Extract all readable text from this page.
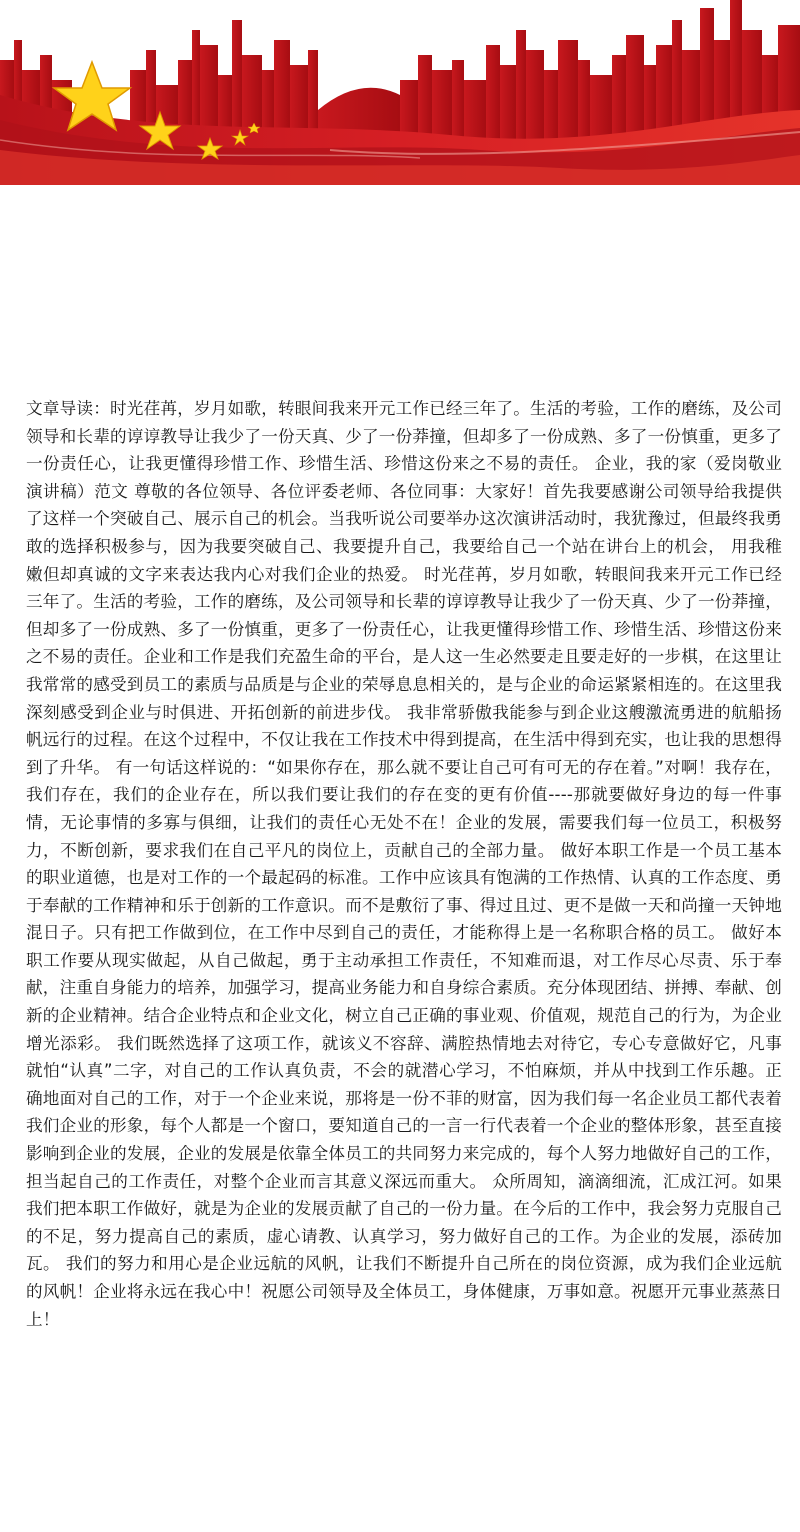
文章导读：时光荏苒，岁月如歌，转眼间我来开元工作已经三年了。生活的考验，工作的磨练，及公司领导和长辈的谆谆教导让我少了一份天真、少了一份莽撞，但却多了一份成熟、多了一份慎重，更多了一份责任心，让我更懂得珍惜工作、珍惜生活、珍惜这份来之不易的责任。 企业，我的家（爱岗敬业演讲稿）范文 尊敬的各位领导、各位评委老师、各位同事：大家好！首先我要感谢公司领导给我提供了这样一个突破自己、展示自己的机会。当我听说公司要举办这次演讲活动时，我犹豫过，但最终我勇敢的选择积极参与，因为我要突破自己、我要提升自己，我要给自己一个站在讲台上的机会， 用我稚嫩但却真诚的文字来表达我内心对我们企业的热爱。 时光荏苒，岁月如歌，转眼间我来开元工作已经三年了。生活的考验，工作的磨练，及公司领导和长辈的谆谆教导让我少了一份天真、少了一份莽撞，但却多了一份成熟、多了一份慎重，更多了一份责任心，让我更懂得珍惜工作、珍惜生活、珍惜这份来之不易的责任。企业和工作是我们充盈生命的平台，是人这一生必然要走且要走好的一步棋，在这里让我常常的感受到员工的素质与品质是与企业的荣辱息息相关的，是与企业的命运紧紧相连的。在这里我深刻感受到企业与时俱进、开拓创新的前进步伐。 我非常骄傲我能参与到企业这艘激流勇进的航船扬帆远行的过程。在这个过程中，不仅让我在工作技术中得到提高，在生活中得到充实，也让我的思想得到了升华。 有一句话这样说的：“如果你存在，那么就不要让自己可有可无的存在着。”对啊！我存在，我们存在，我们的企业存在，所以我们要让我们的存在变的更有价值----那就要做好身边的每一件事情，无论事情的多寡与俱细，让我们的责任心无处不在！企业的发展，需要我们每一位员工，积极努力，不断创新，要求我们在自己平凡的岗位上，贡献自己的全部力量。 做好本职工作是一个员工基本的职业道德，也是对工作的一个最起码的标准。工作中应该具有饱满的工作热情、认真的工作态度、勇于奉献的工作精神和乐于创新的工作意识。而不是敷衍了事、得过且过、更不是做一天和尚撞一天钟地混日子。只有把工作做到位，在工作中尽到自己的责任，才能称得上是一名称职合格的员工。 做好本职工作要从现实做起，从自己做起，勇于主动承担工作责任，不知难而退，对工作尽心尽责、乐于奉献，注重自身能力的培养，加强学习，提高业务能力和自身综合素质。充分体现团结、拼搏、奉献、创新的企业精神。结合企业特点和企业文化，树立自己正确的事业观、价值观，规范自己的行为，为企业增光添彩。 我们既然选择了这项工作，就该义不容辞、满腔热情地去对待它，专心专意做好它，凡事就怕“认真”二字，对自己的工作认真负责，不会的就潜心学习，不怕麻烦，并从中找到工作乐趣。正确地面对自己的工作，对于一个企业来说，那将是一份不菲的财富，因为我们每一名企业员工都代表着我们企业的形象，每个人都是一个窗口，要知道自己的一言一行代表着一个企业的整体形象，甚至直接影响到企业的发展，企业的发展是依靠全体员工的共同努力来完成的，每个人努力地做好自己的工作，担当起自己的工作责任，对整个企业而言其意义深远而重大。 众所周知，滴滴细流，汇成江河。如果我们把本职工作做好，就是为企业的发展贡献了自己的一份力量。在今后的工作中，我会努力克服自己的不足，努力提高自己的素质，虚心请教、认真学习，努力做好自己的工作。为企业的发展，添砖加瓦。 我们的努力和用心是企业远航的风帆，让我们不断提升自己所在的岗位资源，成为我们企业远航的风帆！企业将永远在我心中！祝愿公司领导及全体员工，身体健康，万事如意。祝愿开元事业蒸蒸日上！
